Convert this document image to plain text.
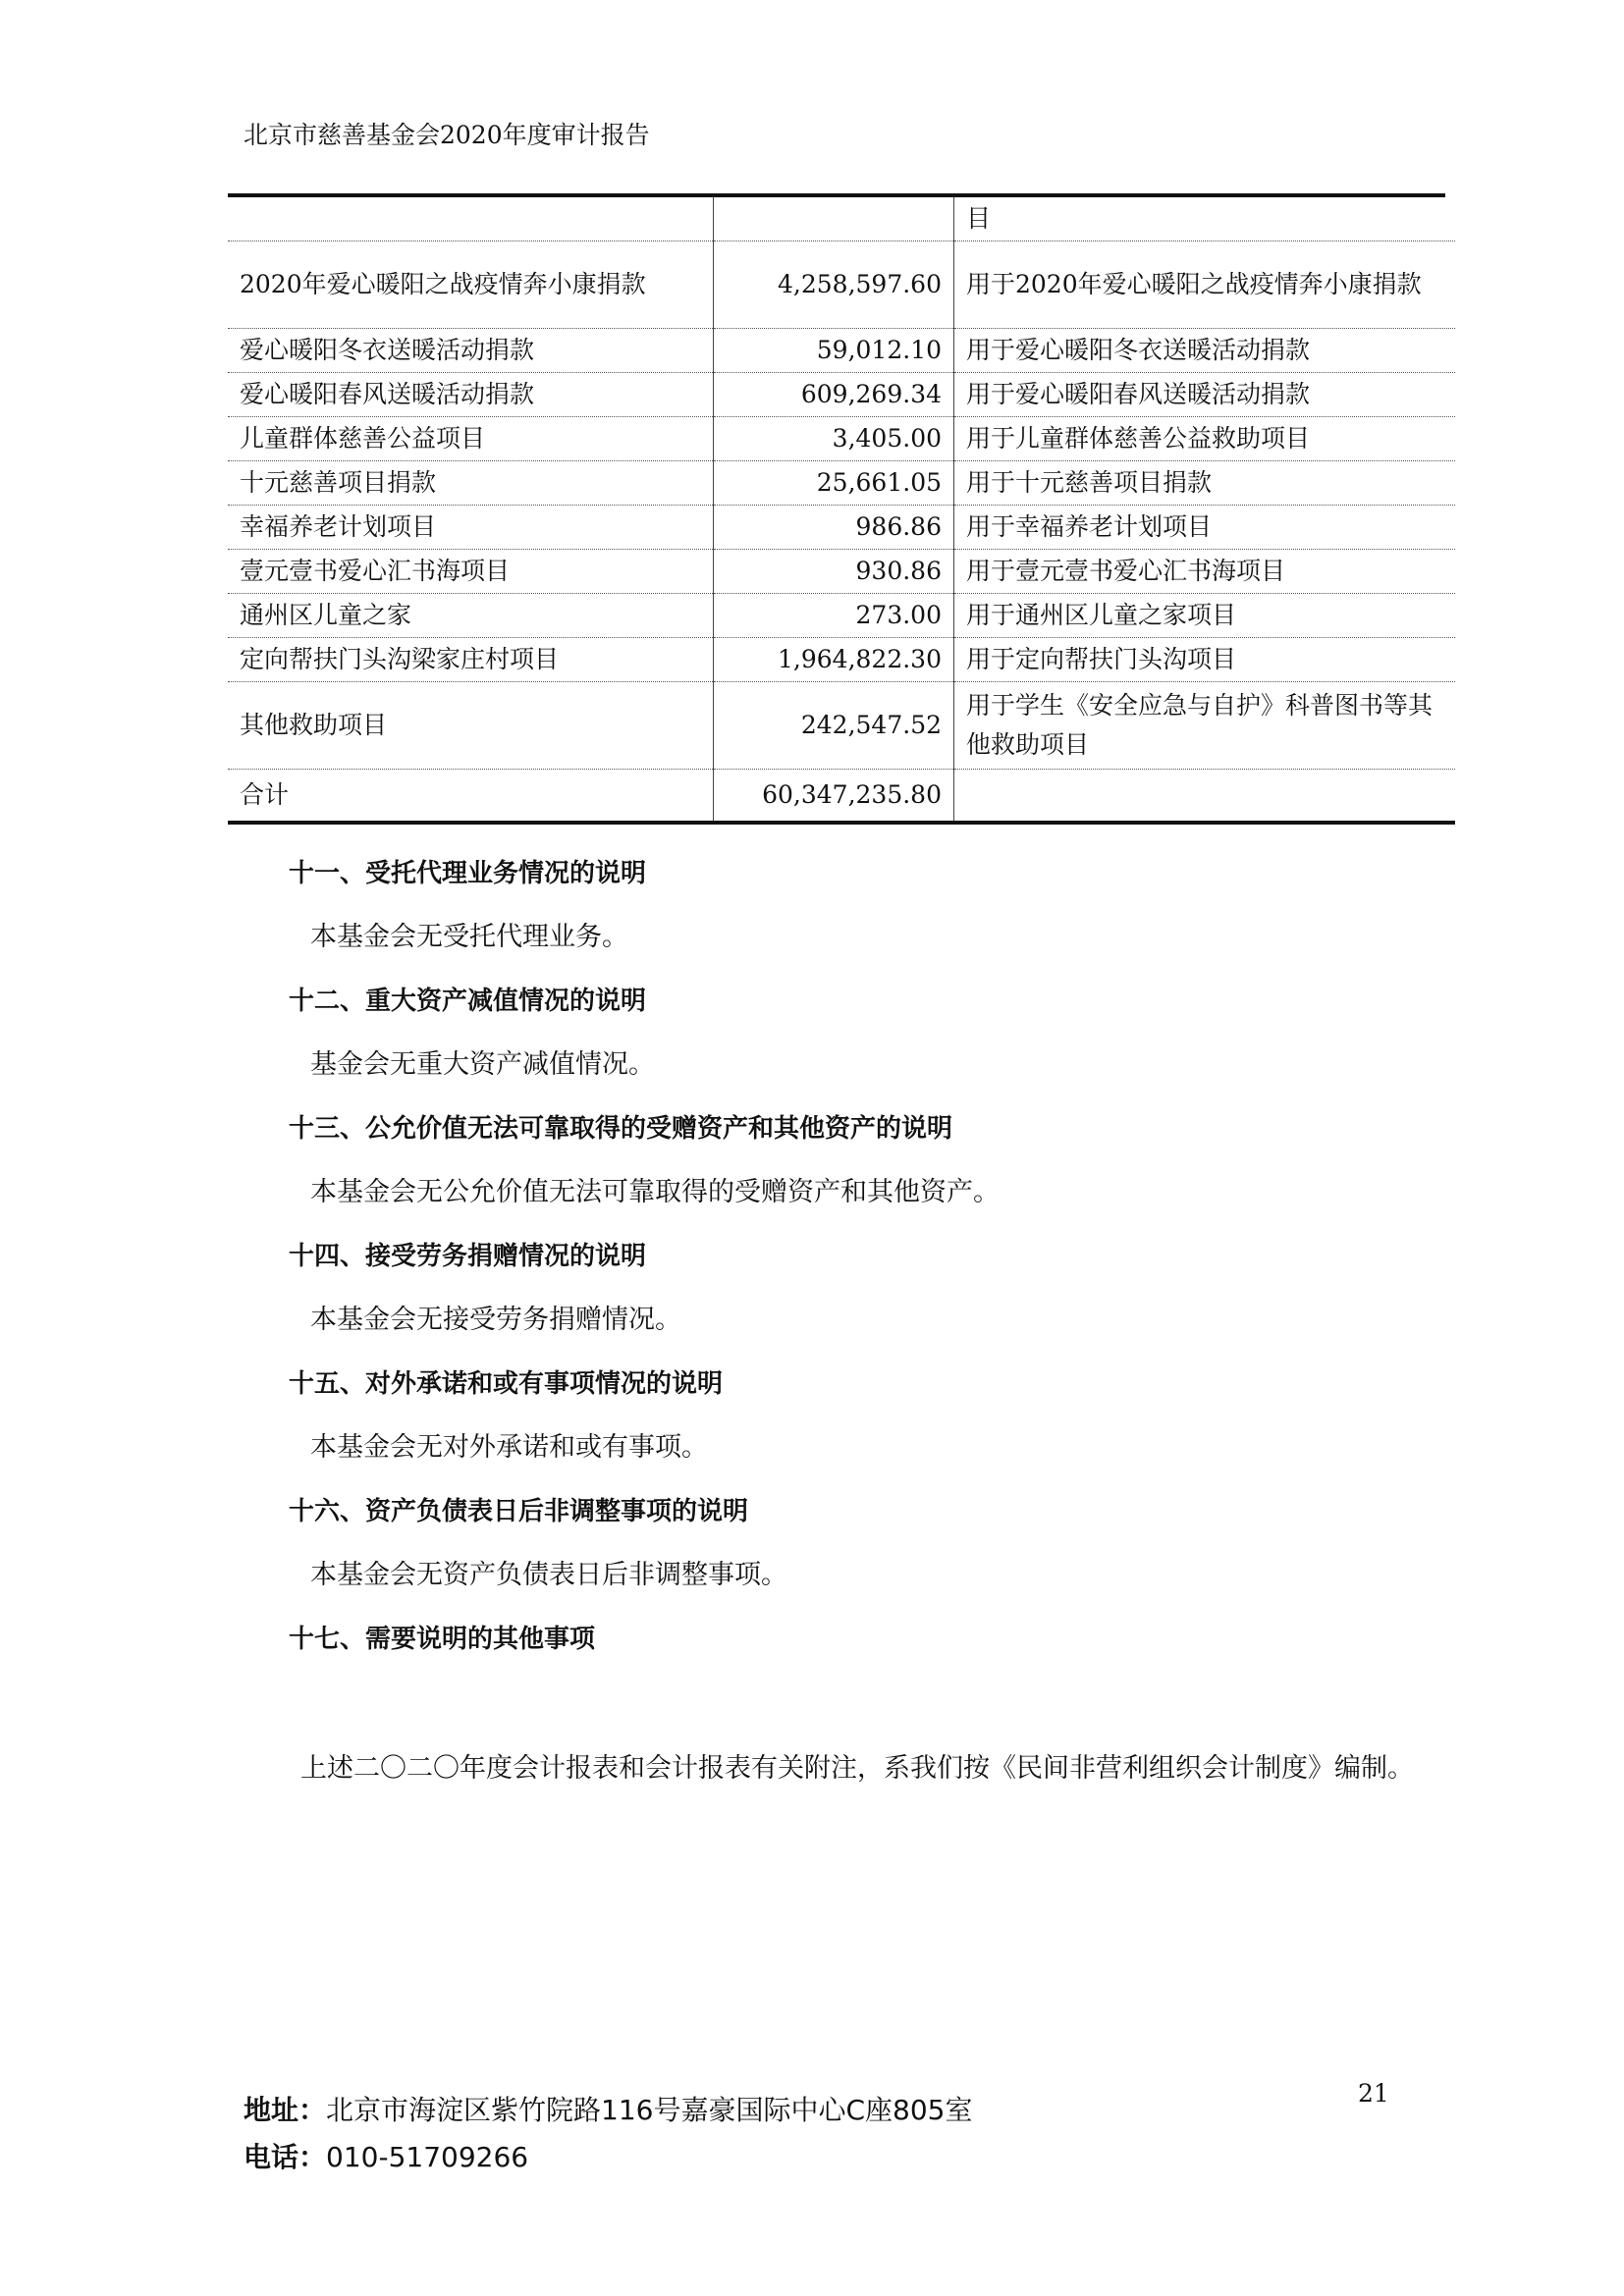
北京市慈善基金会2020年度审计报告
		目
2020年爱心暖阳之战疫情奔小康捐款	4,258,597.60	用于2020年爱心暖阳之战疫情奔小康捐款
爱心暖阳冬衣送暖活动捐款	59,012.10	用于爱心暖阳冬衣送暖活动捐款
爱心暖阳春风送暖活动捐款	609,269.34	用于爱心暖阳春风送暖活动捐款
儿童群体慈善公益项目	3,405.00	用于儿童群体慈善公益救助项目
十元慈善项目捐款	25,661.05	用于十元慈善项目捐款
幸福养老计划项目	986.86	用于幸福养老计划项目
壹元壹书爱心汇书海项目	930.86	用于壹元壹书爱心汇书海项目
通州区儿童之家	273.00	用于通州区儿童之家项目
定向帮扶门头沟梁家庄村项目	1,964,822.30	用于定向帮扶门头沟项目
其他救助项目	242,547.52	用于学生《安全应急与自护》科普图书等其他救助项目
合计	60,347,235.80	
十一、受托代理业务情况的说明
本基金会无受托代理业务。
十二、重大资产减值情况的说明
基金会无重大资产减值情况。
十三、公允价值无法可靠取得的受赠资产和其他资产的说明
本基金会无公允价值无法可靠取得的受赠资产和其他资产。
十四、接受劳务捐赠情况的说明
本基金会无接受劳务捐赠情况。
十五、对外承诺和或有事项情况的说明
本基金会无对外承诺和或有事项。
十六、资产负债表日后非调整事项的说明
本基金会无资产负债表日后非调整事项。
十七、需要说明的其他事项
上述二〇二〇年度会计报表和会计报表有关附注，系我们按《民间非营利组织会计制度》编制。
地址：北京市海淀区紫竹院路116号嘉豪国际中心C座805室
电话：010-51709266
21
